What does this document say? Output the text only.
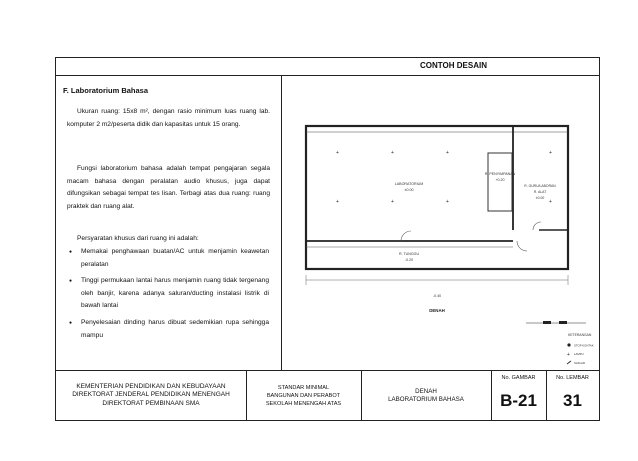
CONTOH DESAIN
F. Laboratorium Bahasa
Ukuran ruang: 15x8 m², dengan rasio minimum luas ruang lab. komputer 2 m2/peserta didik dan kapasitas untuk 15 orang.
Fungsi laboratorium bahasa adalah tempat pengajaran segala macam bahasa dengan peralatan audio khusus, juga dapat difungsikan sebagai tempat tes lisan. Terbagi atas dua ruang: ruang praktek dan ruang alat.
Persyaratan khusus dari ruang ini adalah:
● Memakai penghawaan buatan/AC untuk menjamin keawetan peralatan
● Tinggi permukaan lantai harus menjamin ruang tidak tergenang oleh banjir, karena adanya saluran/ducting instalasi listrik di bawah lantai
● Penyelesaian dinding harus dibuat sedemikian rupa sehingga mampu
+	+	+	+
+	+	+	+
LABORATORIUM
±0.00
R. PENYIMPANAN
+0.20
R. GURU/LABORAN
R. ALAT
±0.00
R. TUNGGU
-0.20
-0.40
DENAH
KETERANGAN
STOP KONTAK
+ LAMPU
SAKLAR
KEMENTERIAN PENDIDIKAN DAN KEBUDAYAAN
DIREKTORAT JENDERAL PENDIDIKAN MENENGAH
DIREKTORAT PEMBINAAN SMA
STANDAR MINIMAL
BANGUNAN DAN PERABOT
SEKOLAH MENENGAH ATAS
DENAH
LABORATORIUM BAHASA
No. GAMBAR
B-21
No. LEMBAR
31
